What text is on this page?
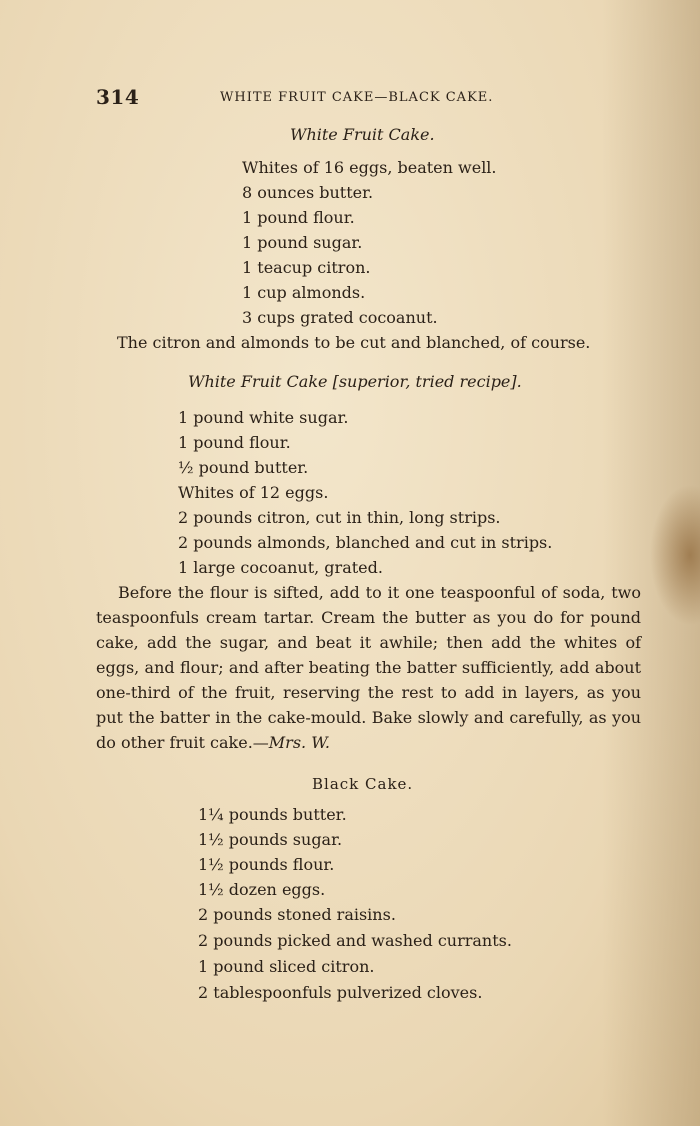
314	WHITE FRUIT CAKE—BLACK CAKE.
White Fruit Cake.
Whites of 16 eggs, beaten well.
8 ounces butter.
1 pound flour.
1 pound sugar.
1 teacup citron.
1 cup almonds.
3 cups grated cocoanut.
The citron and almonds to be cut and blanched, of course.
White Fruit Cake [superior, tried recipe].
1 pound white sugar.
1 pound flour.
½ pound butter.
Whites of 12 eggs.
2 pounds citron, cut in thin, long strips.
2 pounds almonds, blanched and cut in strips.
1 large cocoanut, grated.
Before the flour is sifted, add to it one teaspoonful of soda, two teaspoonfuls cream tartar. Cream the butter as you do for pound cake, add the sugar, and beat it awhile; then add the whites of eggs, and flour; and after beating the batter sufficiently, add about one-third of the fruit, reserving the rest to add in layers, as you put the batter in the cake-mould. Bake slowly and carefully, as you do other fruit cake.—Mrs. W.
Black Cake.
1¼ pounds butter.
1½ pounds sugar.
1½ pounds flour.
1½ dozen eggs.
2 pounds stoned raisins.
2 pounds picked and washed currants.
1 pound sliced citron.
2 tablespoonfuls pulverized cloves.
